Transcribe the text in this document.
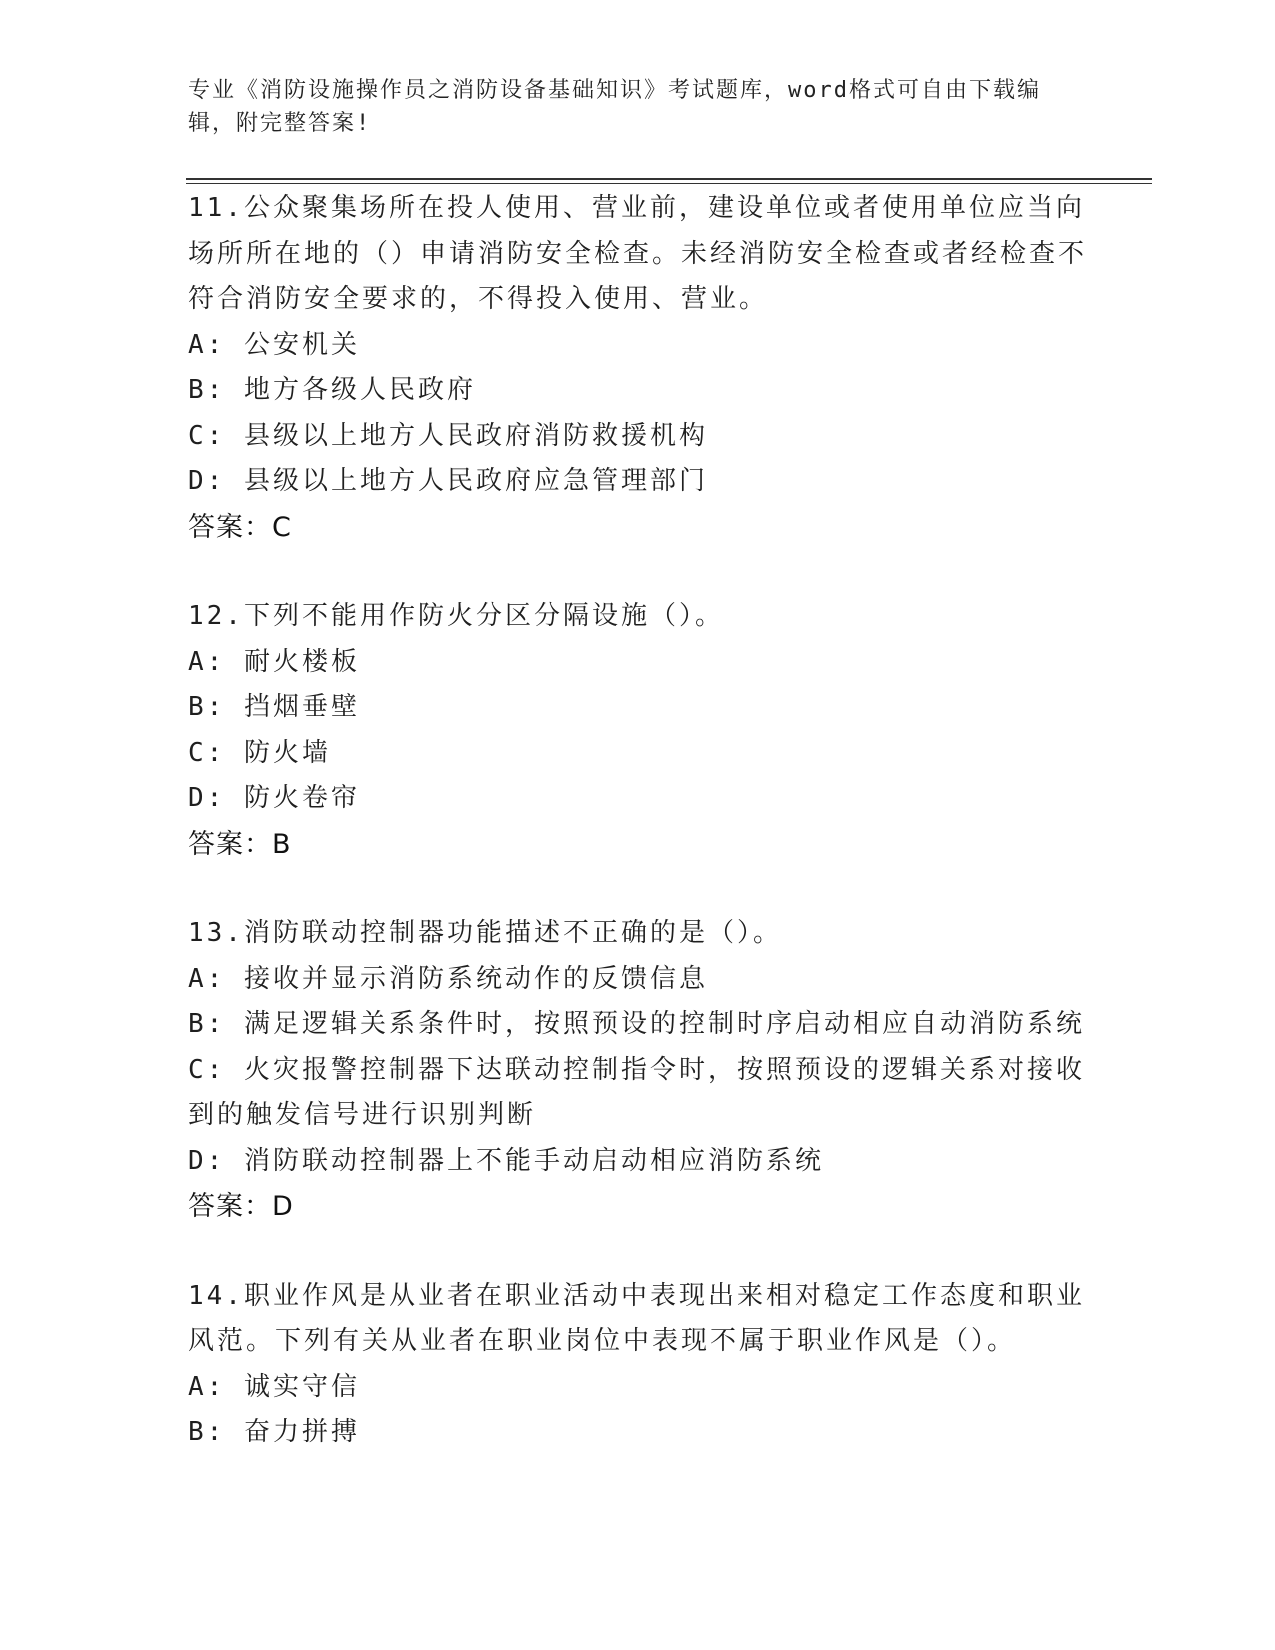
专业《消防设施操作员之消防设备基础知识》考试题库，word格式可自由下载编辑，附完整答案!
11.公众聚集场所在投人使用、营业前，建设单位或者使用单位应当向场所所在地的（）申请消防安全检查。未经消防安全检查或者经检查不符合消防安全要求的，不得投入使用、营业。
A: 公安机关
B: 地方各级人民政府
C: 县级以上地方人民政府消防救援机构
D: 县级以上地方人民政府应急管理部门
答案：C
12.下列不能用作防火分区分隔设施（）。
A: 耐火楼板
B: 挡烟垂壁
C: 防火墙
D: 防火卷帘
答案：B
13.消防联动控制器功能描述不正确的是（）。
A: 接收并显示消防系统动作的反馈信息
B: 满足逻辑关系条件时，按照预设的控制时序启动相应自动消防系统
C: 火灾报警控制器下达联动控制指令时，按照预设的逻辑关系对接收到的触发信号进行识别判断
D: 消防联动控制器上不能手动启动相应消防系统
答案：D
14.职业作风是从业者在职业活动中表现出来相对稳定工作态度和职业风范。下列有关从业者在职业岗位中表现不属于职业作风是（）。
A: 诚实守信
B: 奋力拼搏
